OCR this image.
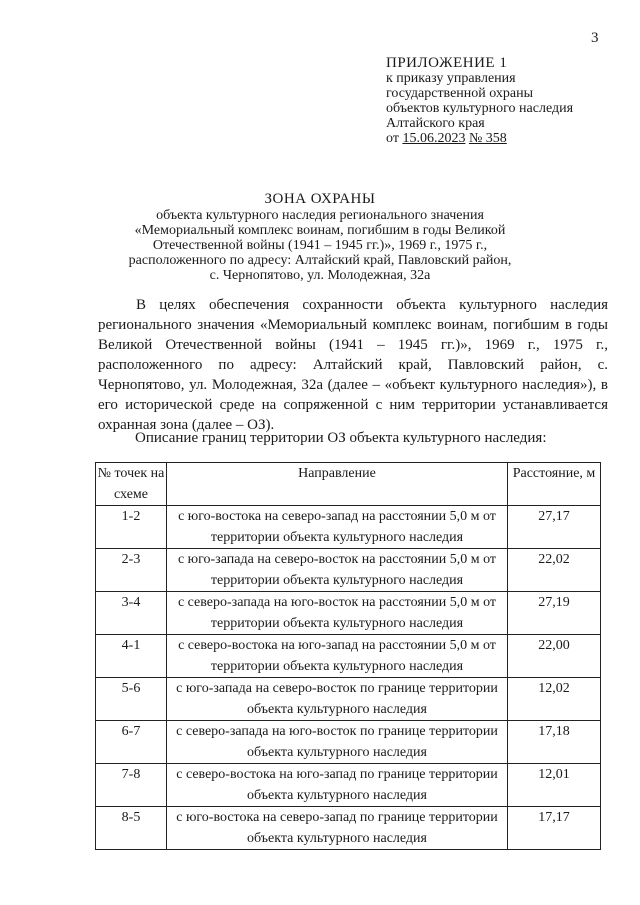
3
ПРИЛОЖЕНИЕ 1
к приказу управления
государственной охраны
объектов культурного наследия
Алтайского края
от 15.06.2023 № 358
ЗОНА ОХРАНЫ
объекта культурного наследия регионального значения
«Мемориальный комплекс воинам, погибшим в годы Великой
Отечественной войны (1941 – 1945 гг.)», 1969 г., 1975 г.,
расположенного по адресу: Алтайский край, Павловский район,
с. Чернопятово, ул. Молодежная, 32а
В целях обеспечения сохранности объекта культурного наследия регионального значения «Мемориальный комплекс воинам, погибшим в годы Великой Отечественной войны (1941 – 1945 гг.)», 1969 г., 1975 г., расположенного по адресу: Алтайский край, Павловский район, с. Чернопятово, ул. Молодежная, 32а (далее – «объект культурного наследия»), в его исторической среде на сопряженной с ним территории устанавливается охранная зона (далее – ОЗ).
Описание границ территории ОЗ объекта культурного наследия:
№ точек на схеме	Направление	Расстояние, м
1-2	с юго-востока на северо-запад на расстоянии 5,0 м от территории объекта культурного наследия	27,17
2-3	с юго-запада на северо-восток на расстоянии 5,0 м от территории объекта культурного наследия	22,02
3-4	с северо-запада на юго-восток на расстоянии 5,0 м от территории объекта культурного наследия	27,19
4-1	с северо-востока на юго-запад на расстоянии 5,0 м от территории объекта культурного наследия	22,00
5-6	с юго-запада на северо-восток по границе территории объекта культурного наследия	12,02
6-7	с северо-запада на юго-восток по границе территории объекта культурного наследия	17,18
7-8	с северо-востока на юго-запад по границе территории объекта культурного наследия	12,01
8-5	с юго-востока на северо-запад по границе территории объекта культурного наследия	17,17
